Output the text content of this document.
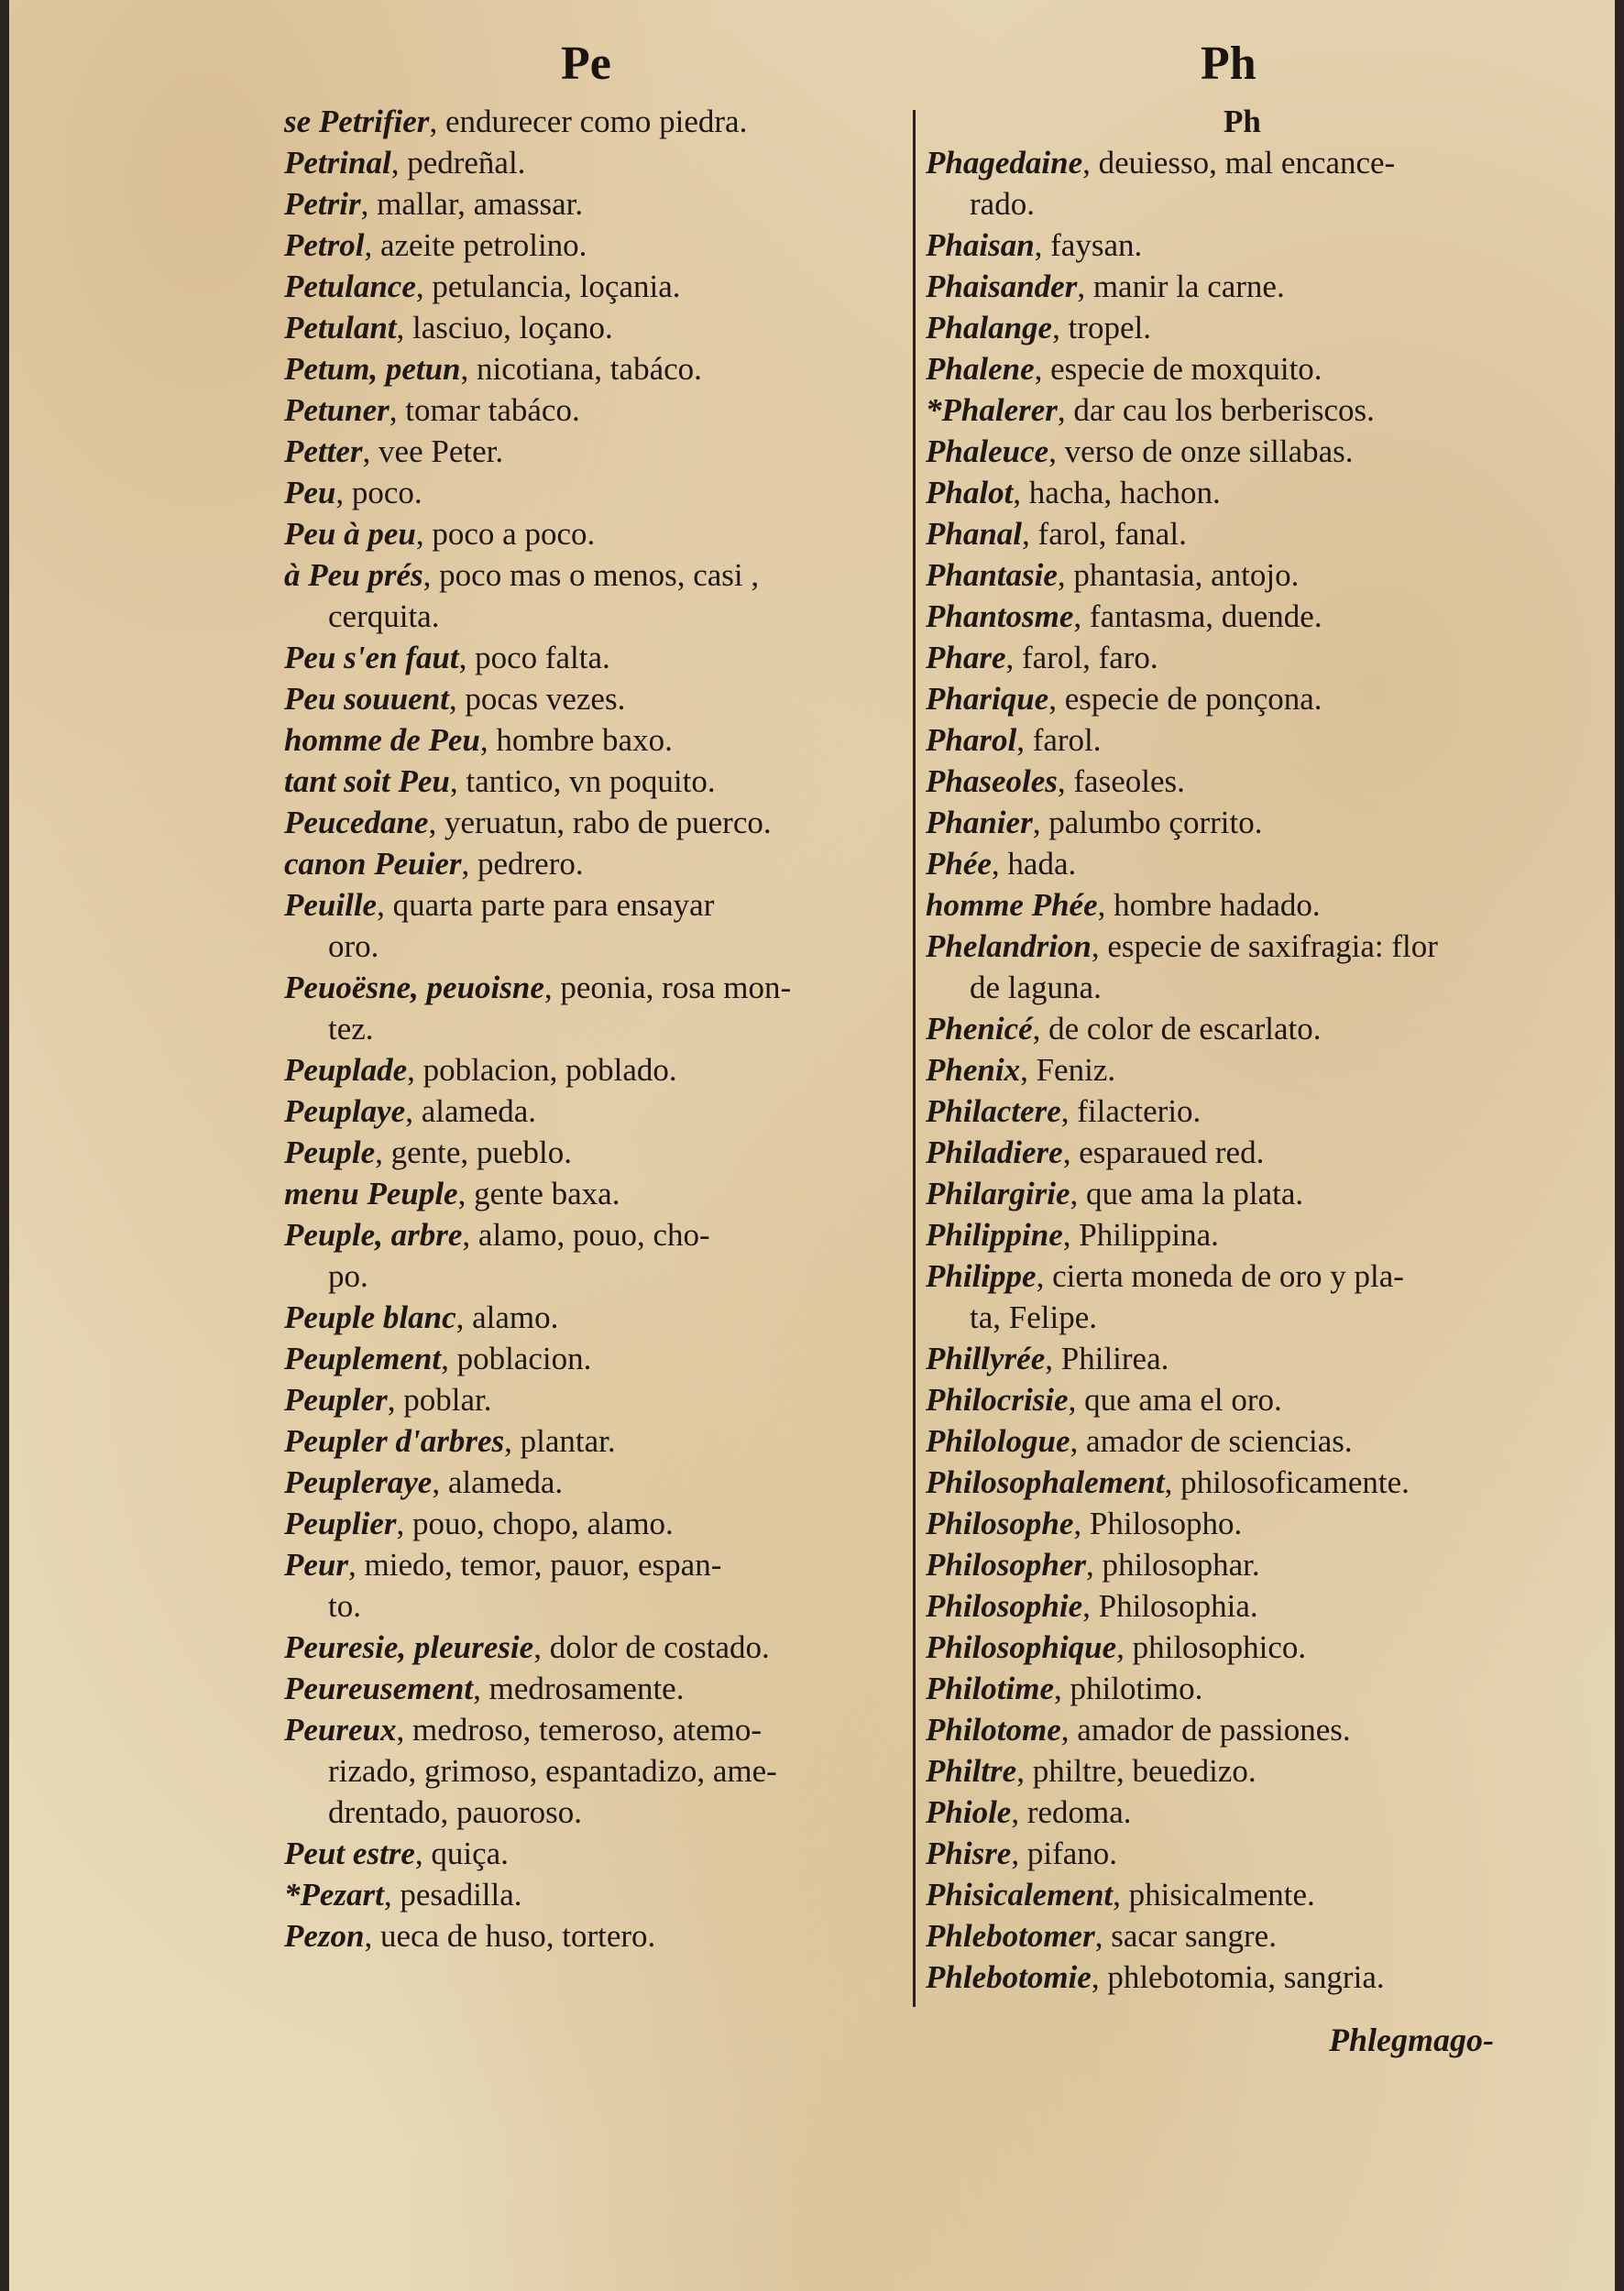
Pe	Ph
se Petrifier, endurecer como piedra.
Petrinal, pedreñal.
Petrir, mallar, amassar.
Petrol, azeite petrolino.
Petulance, petulancia, loçania.
Petulant, lasciuo, loçano.
Petum, petun, nicotiana, tabáco.
Petuner, tomar tabáco.
Petter, vee Peter.
Peu, poco.
Peu à peu, poco a poco.
à Peu prés, poco mas o menos, casi ,
cerquita.
Peu s'en faut, poco falta.
Peu souuent, pocas vezes.
homme de Peu, hombre baxo.
tant soit Peu, tantico, vn poquito.
Peucedane, yeruatun, rabo de puerco.
canon Peuier, pedrero.
Peuille, quarta parte para ensayar
oro.
Peuoësne, peuoisne, peonia, rosa mon-
tez.
Peuplade, poblacion, poblado.
Peuplaye, alameda.
Peuple, gente, pueblo.
menu Peuple, gente baxa.
Peuple, arbre, alamo, pouo, cho-
po.
Peuple blanc, alamo.
Peuplement, poblacion.
Peupler, poblar.
Peupler d'arbres, plantar.
Peupleraye, alameda.
Peuplier, pouo, chopo, alamo.
Peur, miedo, temor, pauor, espan-
to.
Peuresie, pleuresie, dolor de costado.
Peureusement, medrosamente.
Peureux, medroso, temeroso, atemo-
rizado, grimoso, espantadizo, ame-
drentado, pauoroso.
Peut estre, quiça.
*Pezart, pesadilla.
Pezon, ueca de huso, tortero.
Ph
Phagedaine, deuiesso, mal encance-
rado.
Phaisan, faysan.
Phaisander, manir la carne.
Phalange, tropel.
Phalene, especie de moxquito.
*Phalerer, dar cau los berberiscos.
Phaleuce, verso de onze sillabas.
Phalot, hacha, hachon.
Phanal, farol, fanal.
Phantasie, phantasia, antojo.
Phantosme, fantasma, duende.
Phare, farol, faro.
Pharique, especie de ponçona.
Pharol, farol.
Phaseoles, faseoles.
Phanier, palumbo çorrito.
Phée, hada.
homme Phée, hombre hadado.
Phelandrion, especie de saxifragia: flor
de laguna.
Phenicé, de color de escarlato.
Phenix, Feniz.
Philactere, filacterio.
Philadiere, esparaued red.
Philargirie, que ama la plata.
Philippine, Philippina.
Philippe, cierta moneda de oro y pla-
ta, Felipe.
Phillyrée, Philirea.
Philocrisie, que ama el oro.
Philologue, amador de sciencias.
Philosophalement, philosoficamente.
Philosophe, Philosopho.
Philosopher, philosophar.
Philosophie, Philosophia.
Philosophique, philosophico.
Philotime, philotimo.
Philotome, amador de passiones.
Philtre, philtre, beuedizo.
Phiole, redoma.
Phisre, pifano.
Phisicalement, phisicalmente.
Phlebotomer, sacar sangre.
Phlebotomie, phlebotomia, sangria.
Phlegmago-
